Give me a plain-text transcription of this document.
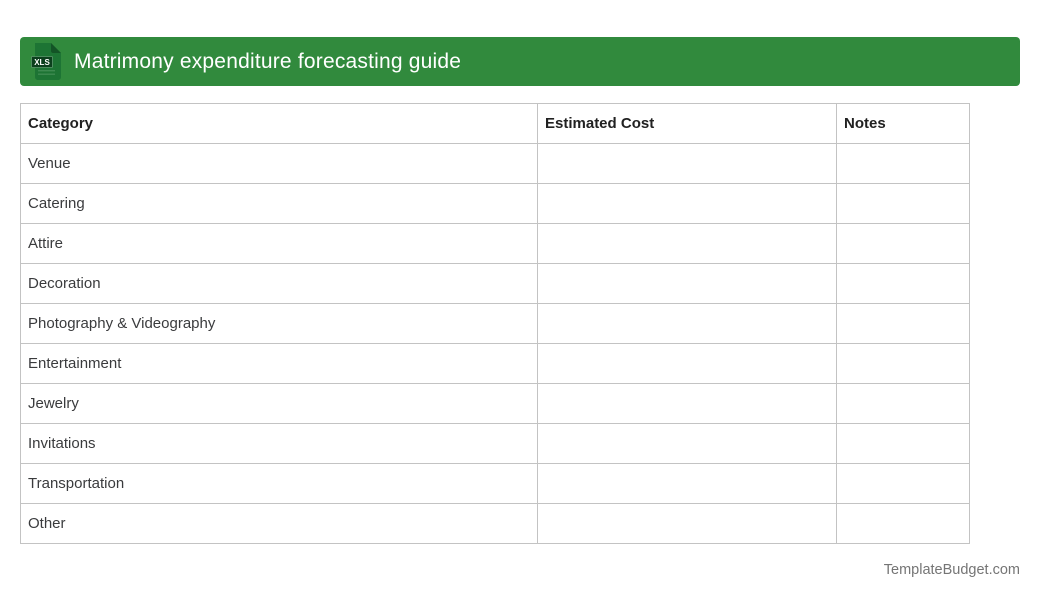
XLS Matrimony expenditure forecasting guide
Category	Estimated Cost	Notes
Venue		
Catering		
Attire		
Decoration		
Photography & Videography		
Entertainment		
Jewelry		
Invitations		
Transportation		
Other		
TemplateBudget.com
